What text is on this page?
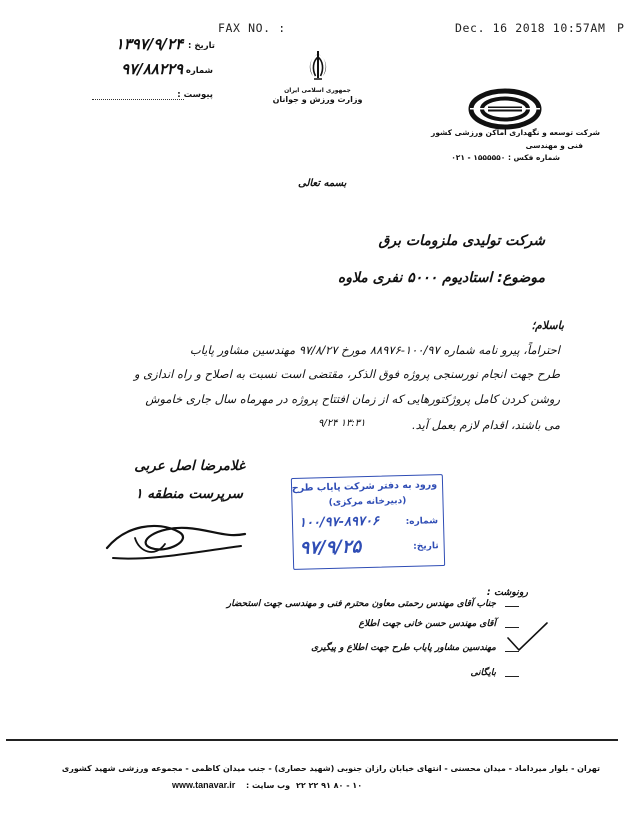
FAX NO. :	Dec. 16 2018 10:57AM P
تاریخ :
۱۳۹۷/۹/۲۴
شماره :
۹۷/۸۸۲۲۹
پیوست :	جمهوری اسلامی ایران
وزارت ورزش و جوانان
شرکت توسعه و نگهداری اماکن ورزشی کشور
فنی و مهندسی
شماره فکس : ۱۵۵۵۵۵۰ - ۰۲۱
بسمه تعالی
شرکت تولیدی ملزومات برق
موضوع: استادیوم ۵۰۰۰ نفری ملاوه
باسلام؛
احتراماً، پیرو نامه شماره ۱۰۰/۹۷-۸۸۹۷۶ مورخ ۹۷/۸/۲۷ مهندسین مشاور پایاب
طرح جهت انجام نورسنجی پروژه فوق الذکر، مقتضی است نسبت به اصلاح و راه اندازی و
روشن کردن کامل پروژکتورهایی که از زمان افتتاح پروژه در مهرماه سال جاری خاموش
می باشند، اقدام لازم بعمل آید.
۹/۲۴ ۱۳:۳۱
غلامرضا اصل عربی
سرپرست منطقه ۱	ورود به دفتر شرکت پایاب طرح
(دبیرخانه مرکزی)
شماره:
۱۰۰/۹۷-۸۹۷۰۶
تاریخ:
۹۷/۹/۲۵
رونوشت :
جناب آقای مهندس رحمتی معاون محترم فنی و مهندسی جهت استحضار
آقای مهندس حسن خانی جهت اطلاع
مهندسین مشاور پایاب طرح جهت اطلاع و پیگیری
بایگانی
تهران - بلوار میرداماد - میدان محسنی - انتهای خیابان رازان جنوبی (شهید حصاری) - جنب میدان کاظمی - مجموعه ورزشی شهید کشوری
www.tanavar.ir وب سایت : ۲۲ ۲۲ ۹۱ ۸۰ - ۱۰
